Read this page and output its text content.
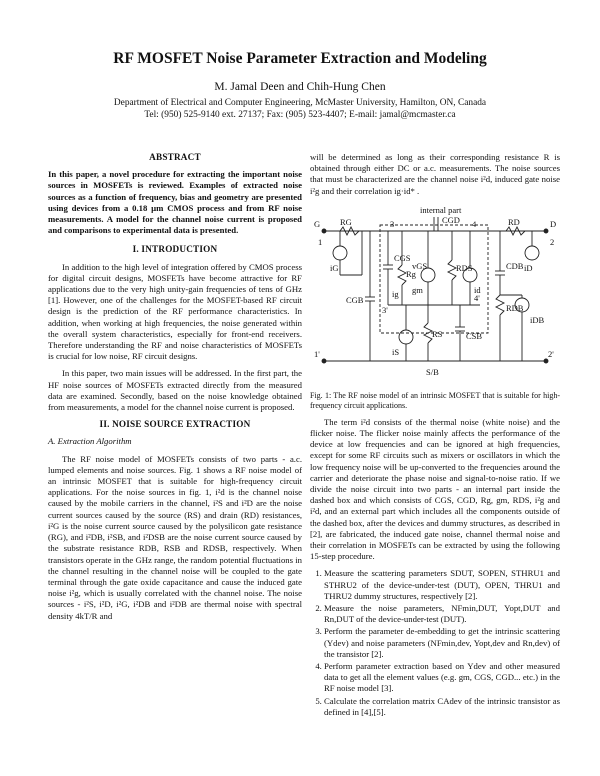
RF MOSFET Noise Parameter Extraction and Modeling
M. Jamal Deen and Chih-Hung Chen
Department of Electrical and Computer Engineering, McMaster University, Hamilton, ON, Canada
Tel: (950) 525-9140 ext. 27137; Fax: (905) 523-4407; E-mail: jamal@mcmaster.ca
ABSTRACT

In this paper, a novel procedure for extracting the important noise sources in MOSFETs is reviewed. Examples of extracted noise sources as a function of frequency, bias and geometry are presented using devices from a 0.18 µm CMOS process and from RF noise measurements. A model for the channel noise current is proposed and comparisons to experimental data is presented.

I. INTRODUCTION

In addition to the high level of integration offered by CMOS process for digital circuit designs, MOSFETs have become attractive for RF applications due to the very high unity-gain frequencies of tens of GHz [1]. However, one of the challenges for the MOSFET-based RF circuit design is the prediction of the RF performance characteristics. In addition, when working at high frequencies, the noise generated within the overall system characteristics, especially for front-end receivers. Therefore understanding the RF and noise characteristics of MOSFETs is crucial for low noise, RF circuit designs.

In this paper, two main issues will be addressed. In the first part, the HF noise sources of MOSFETs extracted directly from the measured data are examined. Secondly, based on the noise knowledge obtained from measurements, a model for the channel noise current is proposed.

II. NOISE SOURCE EXTRACTION
A. Extraction Algorithm

The RF noise model of MOSFETs consists of two parts - a.c. lumped elements and noise sources. Fig. 1 shows a RF noise model of an intrinsic MOSFET that is suitable for high-frequency circuit applications. For the noise sources in fig. 1, i²d is the channel noise caused by the mobile carriers in the channel, i²S and i²D are the noise current sources caused by the source (RS) and drain (RD) resistances, i²G is the noise current source caused by the polysilicon gate resistance (RG), and i²DB, i²SB, and i²DSB are the noise current source caused by the substrate resistance RDB, RSB and RDSB, respectively. When transistors operate in the GHz range, the random potential fluctuations in the channel resulting in the channel noise will be coupled to the gate terminal through the gate oxide capacitance and cause the induced gate noise i²g, which is usually correlated with the channel noise. The noise sources - i²S, i²D, i²G, i²DB and i²DB are thermal noise with spectral density 4kT/R and

will be determined as long as their corresponding resistance R is obtained through either DC or a.c. measurements. The noise sources that must be characterized are the channel noise i²d, induced gate noise i²g and their correlation ig·id* .

internal part
G	D
RG	RD
CGD
CGS
CGB
CDB
CSB
Rg
RS
RDS
RDB
vGS
gm
1	2
3	4
3'
4'
1'	2'
S/B
iG	iD
ig	id
iS
iDB
Fig. 1: The RF noise model of an intrinsic MOSFET that is suitable for high-frequency circuit applications.

The term i²d consists of the thermal noise (white noise) and the flicker noise. The flicker noise mainly affects the performance of the device at low frequencies and can be ignored at high frequencies, except for some RF circuits such as mixers or oscillators in which the low frequency noise will be up-converted to the frequencies around the carrier and deteriorate the phase noise and signal-to-noise ratio. If we divide the noise circuit into two parts - an internal part inside the dashed box and which consists of CGS, CGD, Rg, gm, RDS, i²g and i²d, and an external part which includes all the components outside of the dashed box, after the devices and dummy structures, as described in [2], are fabricated, the induced gate noise, channel thermal noise and their correlation in MOSFETs can be extracted by using the following 15-step procedure.

1. Measure the scattering parameters SDUT, SOPEN, STHRU1 and STHRU2 of the device-under-test (DUT), OPEN, THRU1 and THRU2 dummy structures, respectively [2].
2. Measure the noise parameters, NFmin,DUT, Yopt,DUT and Rn,DUT of the device-under-test (DUT).
3. Perform the parameter de-embedding to get the intrinsic scattering (Ydev) and noise parameters (NFmin,dev, Yopt,dev and Rn,dev) of the transistor [2].
4. Perform parameter extraction based on Ydev and other measured data to get all the element values (e.g. gm, CGS, CGD... etc.) in the RF noise model [3].
5. Calculate the correlation matrix CAdev of the intrinsic transistor as defined in [4],[5].
